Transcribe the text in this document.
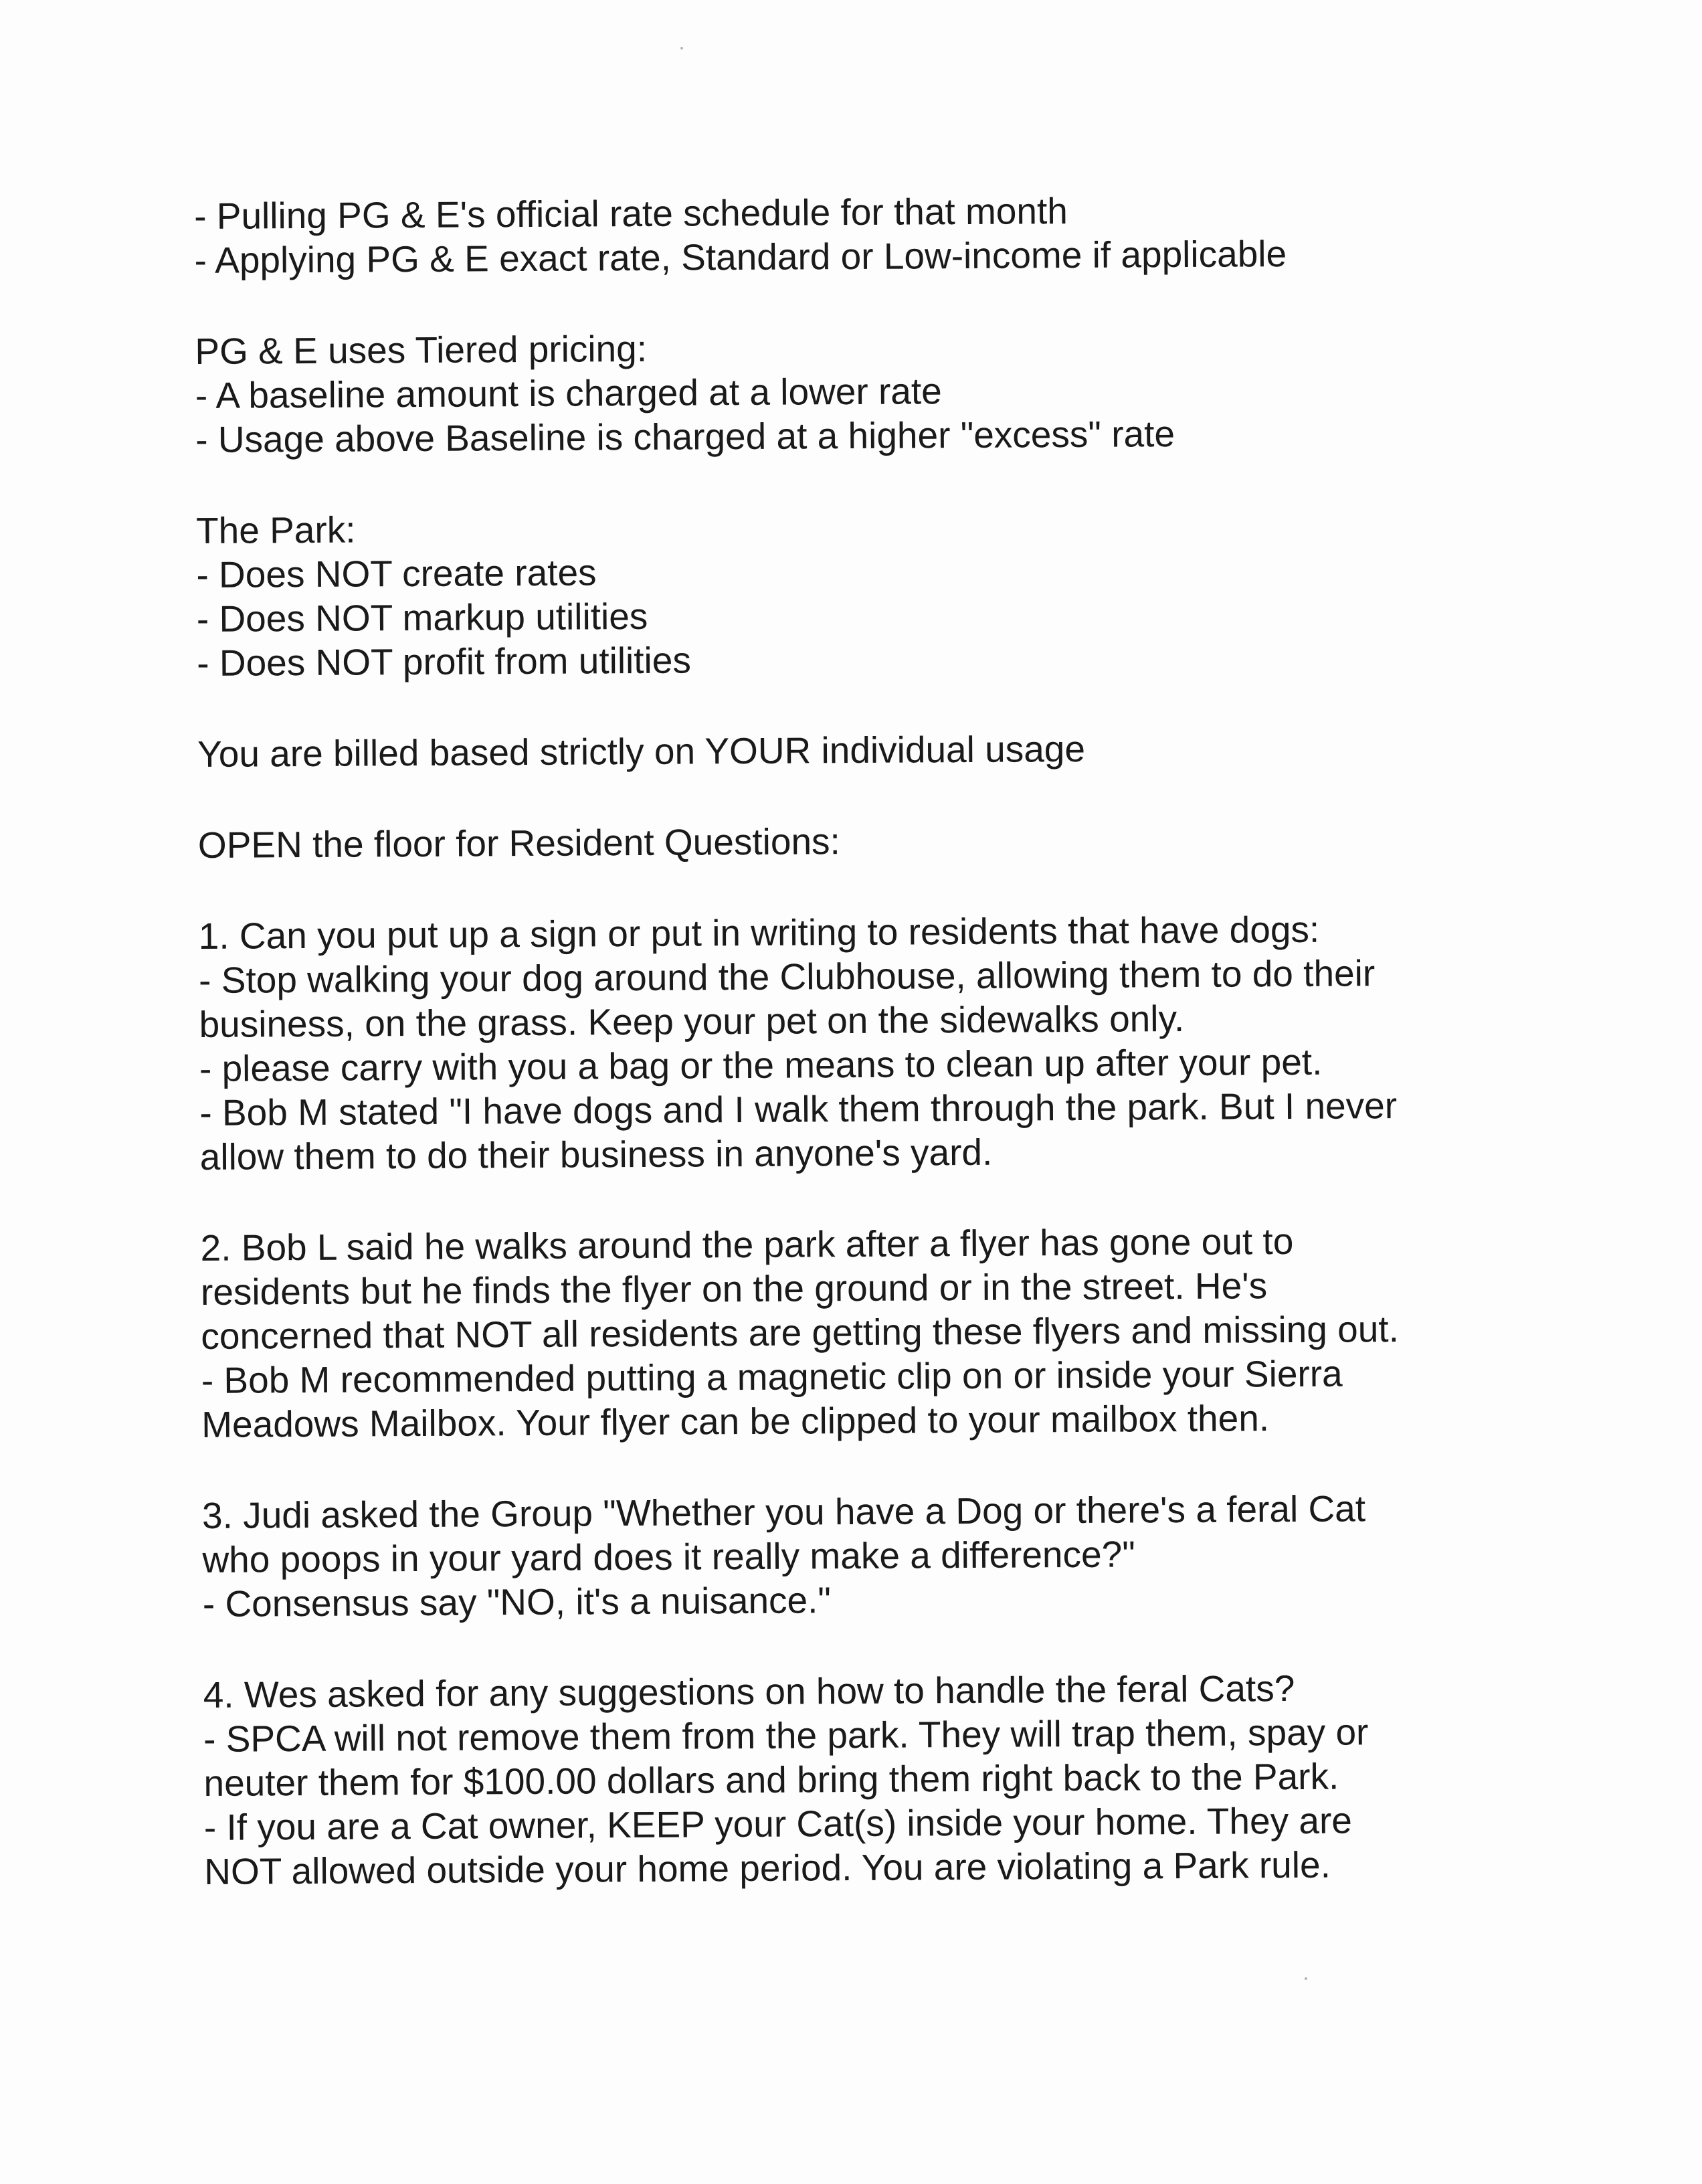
- Pulling PG & E's official rate schedule for that month

- Applying PG & E exact rate, Standard or Low-income if applicable

PG & E uses Tiered pricing:

- A baseline amount is charged at a lower rate

- Usage above Baseline is charged at a higher "excess" rate

The Park:

- Does NOT create rates

- Does NOT markup utilities

- Does NOT profit from utilities

You are billed based strictly on YOUR individual usage

OPEN the floor for Resident Questions:

1. Can you put up a sign or put in writing to residents that have dogs:

- Stop walking your dog around the Clubhouse, allowing them to do their

business, on the grass. Keep your pet on the sidewalks only.

- please carry with you a bag or the means to clean up after your pet.

- Bob M stated "I have dogs and I walk them through the park. But I never

allow them to do their business in anyone's yard.

2. Bob L said he walks around the park after a flyer has gone out to

residents but he finds the flyer on the ground or in the street. He's

concerned that NOT all residents are getting these flyers and missing out.

- Bob M recommended putting a magnetic clip on or inside your Sierra

Meadows Mailbox. Your flyer can be clipped to your mailbox then.

3. Judi asked the Group "Whether you have a Dog or there's a feral Cat

who poops in your yard does it really make a difference?"

- Consensus say "NO, it's a nuisance."

4. Wes asked for any suggestions on how to handle the feral Cats?

- SPCA will not remove them from the park. They will trap them, spay or

neuter them for $100.00 dollars and bring them right back to the Park.

- If you are a Cat owner, KEEP your Cat(s) inside your home. They are

NOT allowed outside your home period. You are violating a Park rule.
